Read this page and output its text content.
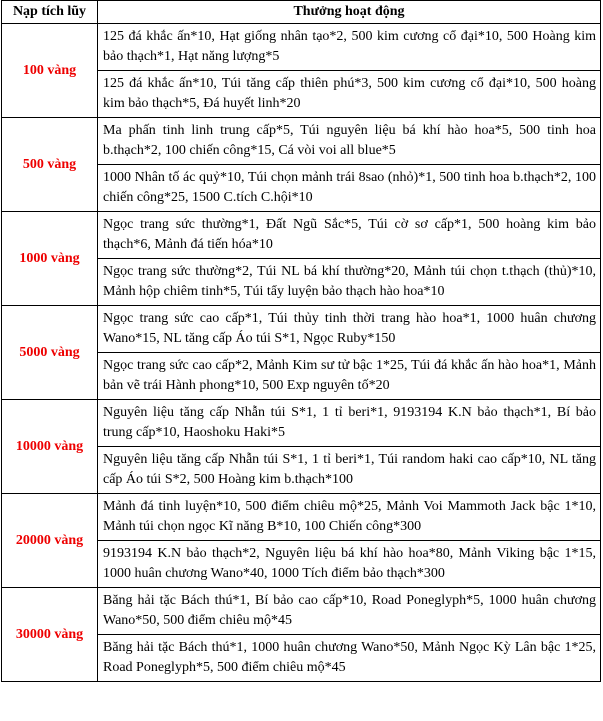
Nạp tích lũy	Thưởng hoạt động
100 vàng	125 đá khắc ấn*10, Hạt giống nhân tạo*2, 500 kim cương cổ đại*10, 500 Hoàng kim bảo thạch*1, Hạt năng lượng*5
	125 đá khắc ấn*10, Túi tăng cấp thiên phú*3, 500 kim cương cổ đại*10, 500 hoàng kim bảo thạch*5, Đá huyết linh*20
500 vàng	Ma phấn tinh linh trung cấp*5, Túi nguyên liệu bá khí hào hoa*5, 500 tinh hoa b.thạch*2, 100 chiến công*15, Cá vòi voi all blue*5
	1000 Nhân tố ác quỷ*10, Túi chọn mảnh trái 8sao (nhỏ)*1, 500 tinh hoa b.thạch*2, 100 chiến công*25, 1500 C.tích C.hội*10
1000 vàng	Ngọc trang sức thường*1, Đất Ngũ Sắc*5, Túi cờ sơ cấp*1, 500 hoàng kim bảo thạch*6, Mảnh đá tiến hóa*10
	Ngọc trang sức thường*2, Túi NL bá khí thường*20, Mảnh túi chọn t.thạch (thủ)*10, Mảnh hộp chiêm tinh*5, Túi tẩy luyện bảo thạch hào hoa*10
5000 vàng	Ngọc trang sức cao cấp*1, Túi thủy tinh thời trang hào hoa*1, 1000 huân chương Wano*15, NL tăng cấp Áo túi S*1, Ngọc Ruby*150
	Ngọc trang sức cao cấp*2, Mảnh Kim sư tử bậc 1*25, Túi đá khắc ấn hào hoa*1, Mảnh bản vẽ trái Hành phong*10, 500 Exp nguyên tố*20
10000 vàng	Nguyên liệu tăng cấp Nhẫn túi S*1, 1 tỉ beri*1, 9193194 K.N bảo thạch*1, Bí bảo trung cấp*10, Haoshoku Haki*5
	Nguyên liệu tăng cấp Nhẫn túi S*1, 1 tỉ beri*1, Túi random haki cao cấp*10, NL tăng cấp Áo túi S*2, 500 Hoàng kim b.thạch*100
20000 vàng	Mảnh đá tinh luyện*10, 500 điểm chiêu mộ*25, Mảnh Voi Mammoth Jack bậc 1*10, Mảnh túi chọn ngọc Kĩ năng B*10, 100 Chiến công*300
	9193194 K.N bảo thạch*2, Nguyên liệu bá khí hào hoa*80, Mảnh Viking bậc 1*15, 1000 huân chương Wano*40, 1000 Tích điểm bảo thạch*300
30000 vàng	Băng hải tặc Bách thú*1, Bí bảo cao cấp*10, Road Poneglyph*5, 1000 huân chương Wano*50, 500 điểm chiêu mộ*45
	Băng hải tặc Bách thú*1, 1000 huân chương Wano*50, Mảnh Ngọc Kỳ Lân bậc 1*25, Road Poneglyph*5, 500 điểm chiêu mộ*45
